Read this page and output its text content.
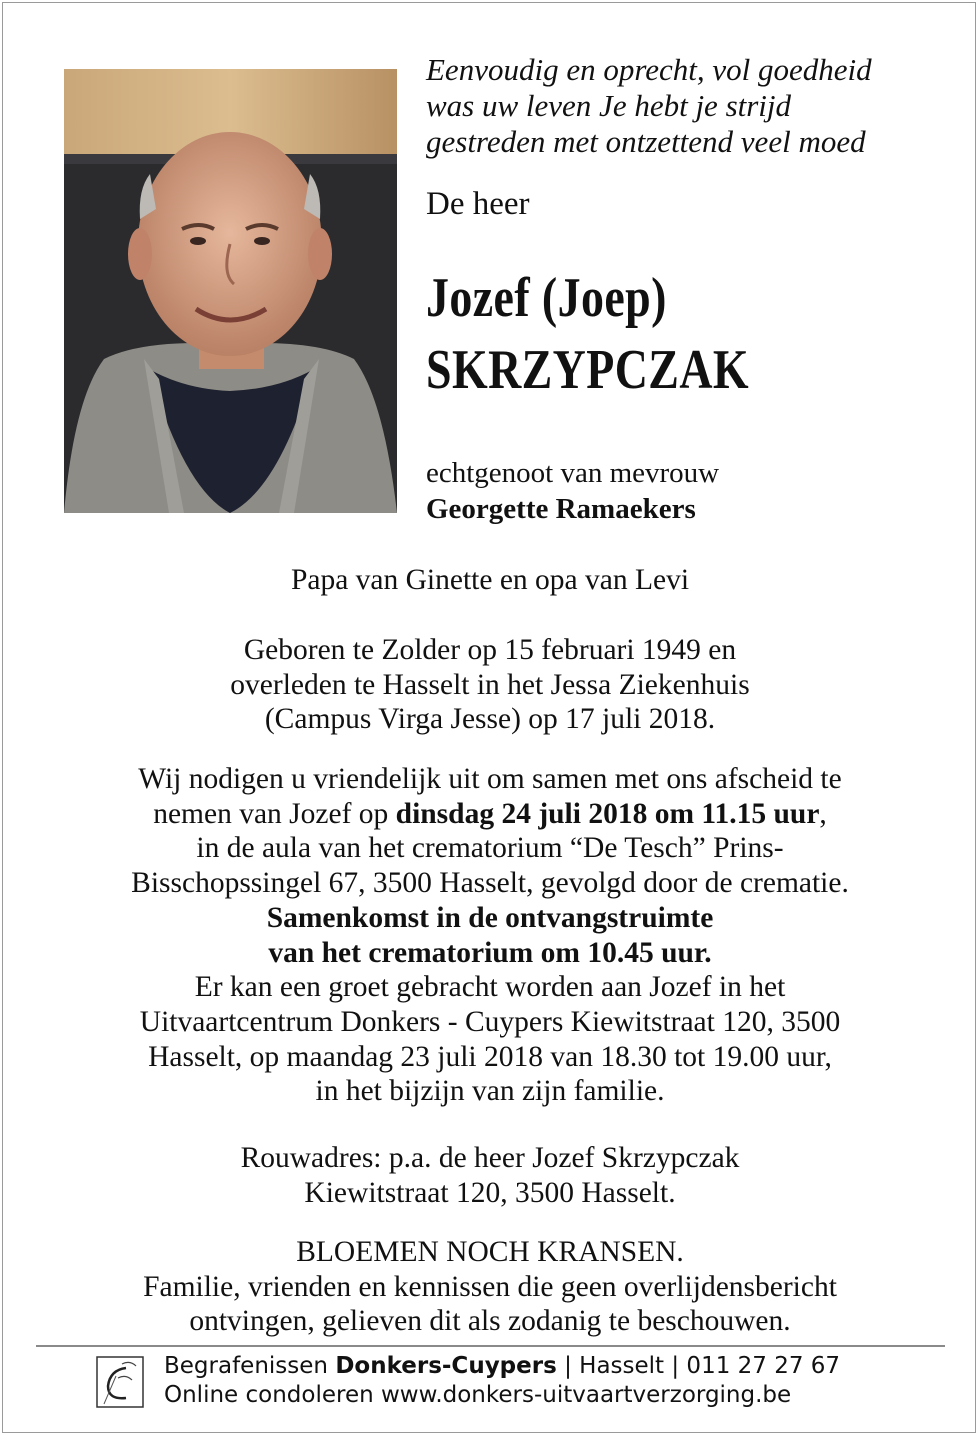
Eenvoudig en oprecht, vol goedheid
was uw leven Je hebt je strijd
gestreden met ontzettend veel moed
De heer
Jozef (Joep)
SKRZYPCZAK
echtgenoot van mevrouw
Georgette Ramaekers
Papa van Ginette en opa van Levi
Geboren te Zolder op 15 februari 1949 en
overleden te Hasselt in het Jessa Ziekenhuis
(Campus Virga Jesse) op 17 juli 2018.
Wij nodigen u vriendelijk uit om samen met ons afscheid te
nemen van Jozef op dinsdag 24 juli 2018 om 11.15 uur,
in de aula van het crematorium “De Tesch” Prins-
Bisschopssingel 67, 3500 Hasselt, gevolgd door de crematie.
Samenkomst in de ontvangstruimte
van het crematorium om 10.45 uur.
Er kan een groet gebracht worden aan Jozef in het
Uitvaartcentrum Donkers - Cuypers Kiewitstraat 120, 3500
Hasselt, op maandag 23 juli 2018 van 18.30 tot 19.00 uur,
in het bijzijn van zijn familie.
Rouwadres: p.a. de heer Jozef Skrzypczak
Kiewitstraat 120, 3500 Hasselt.
BLOEMEN NOCH KRANSEN.
Familie, vrienden en kennissen die geen overlijdensbericht
ontvingen, gelieven dit als zodanig te beschouwen.
Begrafenissen Donkers-Cuypers | Hasselt | 011 27 27 67
Online condoleren www.donkers-uitvaartverzorging.be
